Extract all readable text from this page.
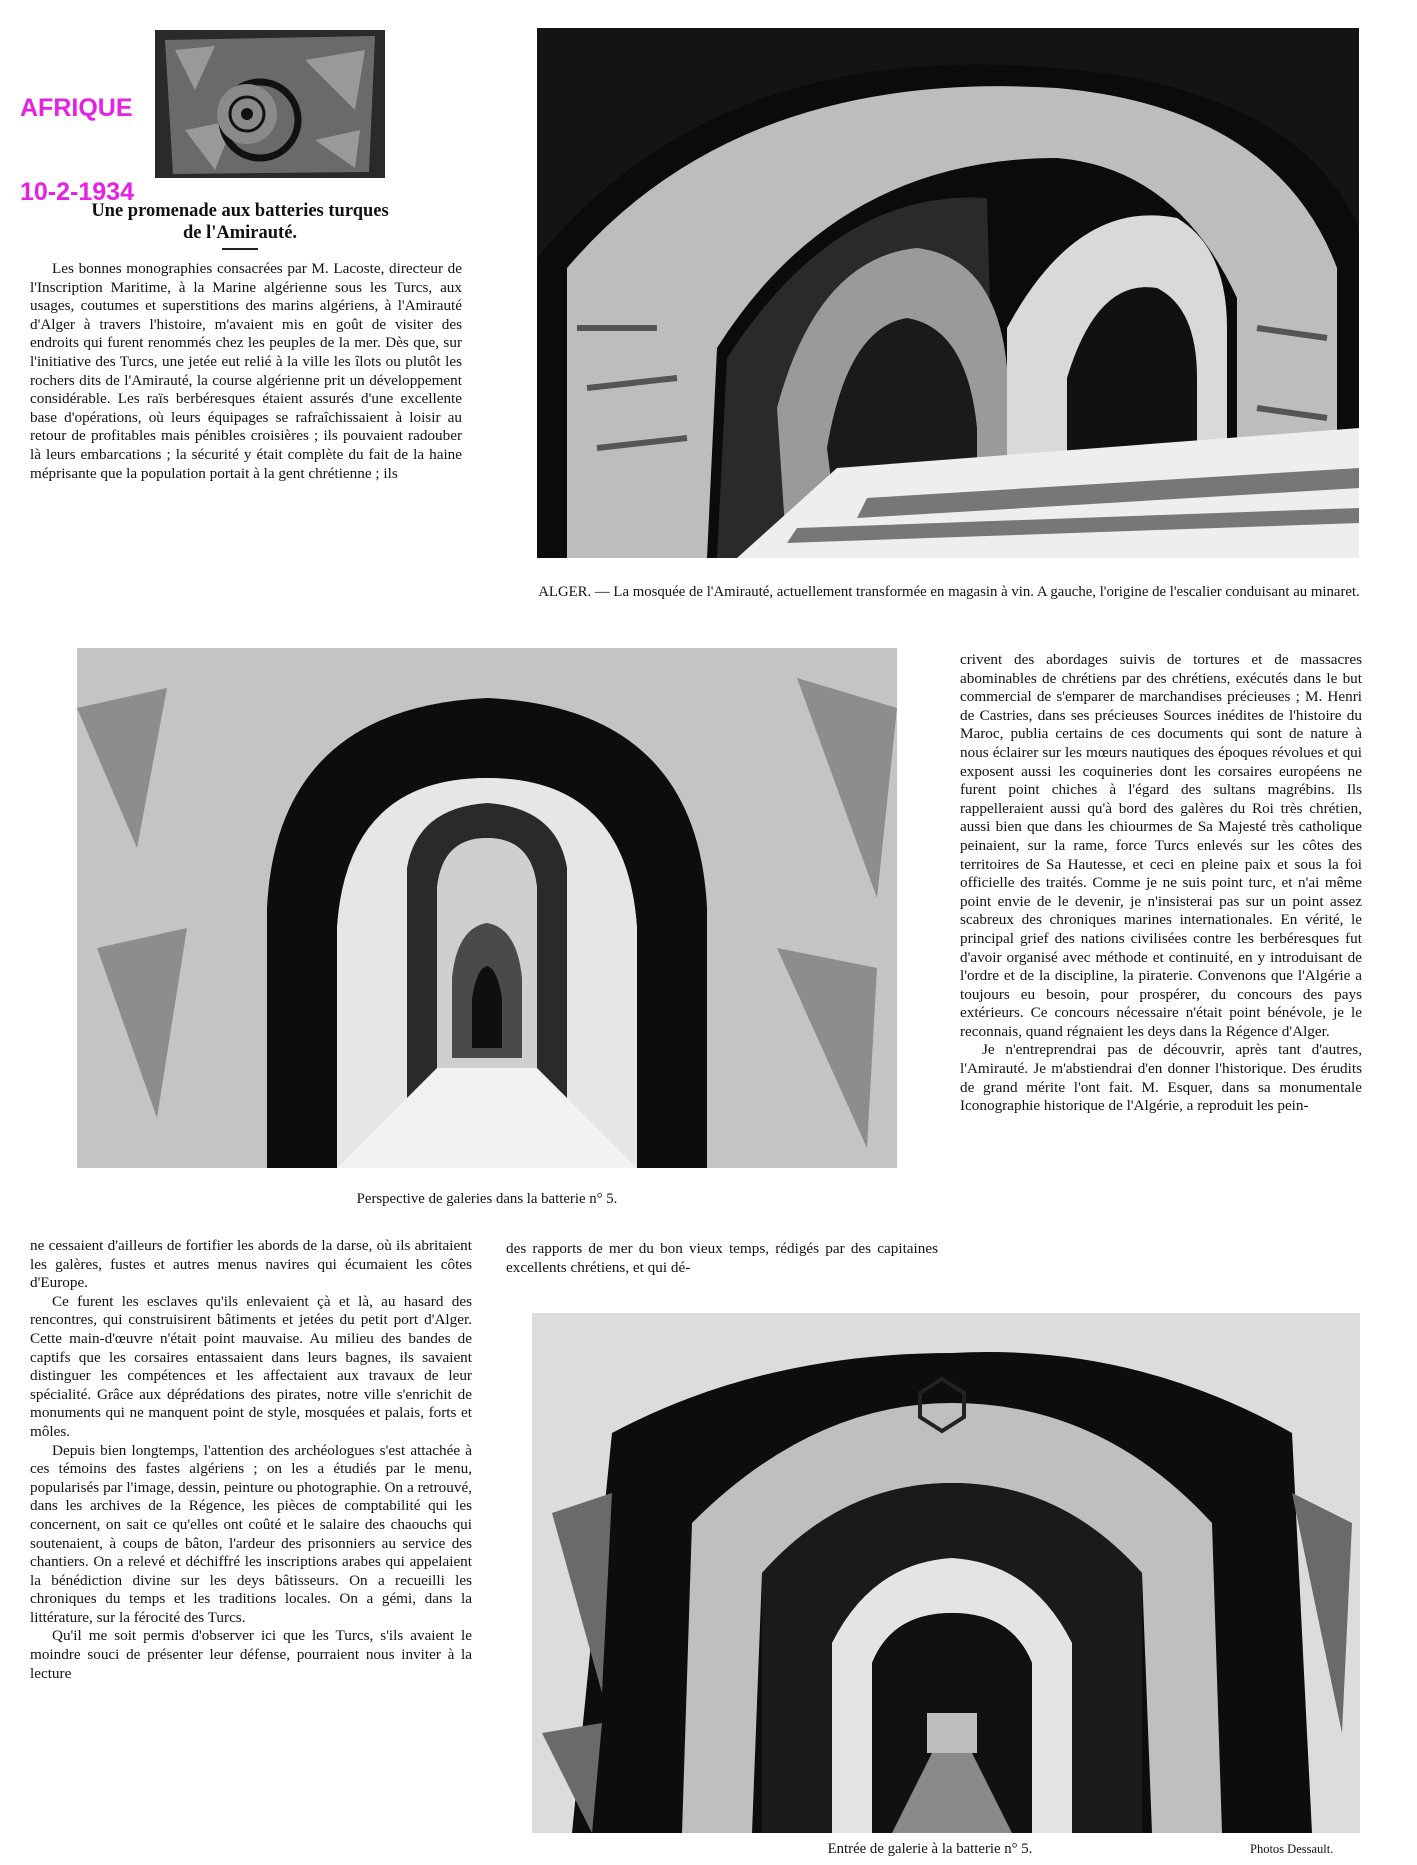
AFRIQUE

10-2-1934

Une promenade aux batteries turques
de l'Amirauté.

Les bonnes monographies consacrées par M. Lacoste, directeur de l'Inscription Maritime, à la Marine algérienne sous les Turcs, aux usages, coutumes et superstitions des marins algériens, à l'Amirauté d'Alger à travers l'histoire, m'avaient mis en goût de visiter des endroits qui furent renommés chez les peuples de la mer. Dès que, sur l'initiative des Turcs, une jetée eut relié à la ville les îlots ou plutôt les rochers dits de l'Amirauté, la course algérienne prit un développement considérable. Les raïs berbéresques étaient assurés d'une excellente base d'opérations, où leurs équipages se rafraîchissaient à loisir au retour de profitables mais pénibles croisières ; ils pouvaient radouber là leurs embarcations ; la sécurité y était complète du fait de la haine méprisante que la population portait à la gent chrétienne ; ils

ALGER. — La mosquée de l'Amirauté, actuellement transformée en magasin à vin. A gauche, l'origine de l'escalier conduisant au minaret.
Perspective de galeries dans la batterie n° 5.

crivent des abordages suivis de tortures et de massacres abominables de chrétiens par des chrétiens, exécutés dans le but commercial de s'emparer de marchandises précieuses ; M. Henri de Castries, dans ses précieuses Sources inédites de l'histoire du Maroc, publia certains de ces documents qui sont de nature à nous éclairer sur les mœurs nautiques des époques révolues et qui exposent aussi les coquineries dont les corsaires européens ne furent point chiches à l'égard des sultans magrébins. Ils rappelleraient aussi qu'à bord des galères du Roi très chrétien, aussi bien que dans les chiourmes de Sa Majesté très catholique peinaient, sur la rame, force Turcs enlevés sur les côtes des territoires de Sa Hautesse, et ceci en pleine paix et sous la foi officielle des traités. Comme je ne suis point turc, et n'ai même point envie de le devenir, je n'insisterai pas sur un point assez scabreux des chroniques marines internationales. En vérité, le principal grief des nations civilisées contre les berbéresques fut d'avoir organisé avec méthode et continuité, en y introduisant de l'ordre et de la discipline, la piraterie. Convenons que l'Algérie a toujours eu besoin, pour prospérer, du concours des pays extérieurs. Ce concours nécessaire n'était point bénévole, je le reconnais, quand régnaient les deys dans la Régence d'Alger.

Je n'entreprendrai pas de découvrir, après tant d'autres, l'Amirauté. Je m'abstiendrai d'en donner l'historique. Des érudits de grand mérite l'ont fait. M. Esquer, dans sa monumentale Iconographie historique de l'Algérie, a reproduit les pein-

ne cessaient d'ailleurs de fortifier les abords de la darse, où ils abritaient les galères, fustes et autres menus navires qui écumaient les côtes d'Europe.

Ce furent les esclaves qu'ils enlevaient çà et là, au hasard des rencontres, qui construisirent bâtiments et jetées du petit port d'Alger. Cette main-d'œuvre n'était point mauvaise. Au milieu des bandes de captifs que les corsaires entassaient dans leurs bagnes, ils savaient distinguer les compétences et les affectaient aux travaux de leur spécialité. Grâce aux déprédations des pirates, notre ville s'enrichit de monuments qui ne manquent point de style, mosquées et palais, forts et môles.

Depuis bien longtemps, l'attention des archéologues s'est attachée à ces témoins des fastes algériens ; on les a étudiés par le menu, popularisés par l'image, dessin, peinture ou photographie. On a retrouvé, dans les archives de la Régence, les pièces de comptabilité qui les concernent, on sait ce qu'elles ont coûté et le salaire des chaouchs qui soutenaient, à coups de bâton, l'ardeur des prisonniers au service des chantiers. On a relevé et déchiffré les inscriptions arabes qui appelaient la bénédiction divine sur les deys bâtisseurs. On a recueilli les chroniques du temps et les traditions locales. On a gémi, dans la littérature, sur la férocité des Turcs.

Qu'il me soit permis d'observer ici que les Turcs, s'ils avaient le moindre souci de présenter leur défense, pourraient nous inviter à la lecture

des rapports de mer du bon vieux temps, rédigés par des capitaines excellents chrétiens, et qui dé-

Entrée de galerie à la batterie n° 5.	Photos Dessault.
